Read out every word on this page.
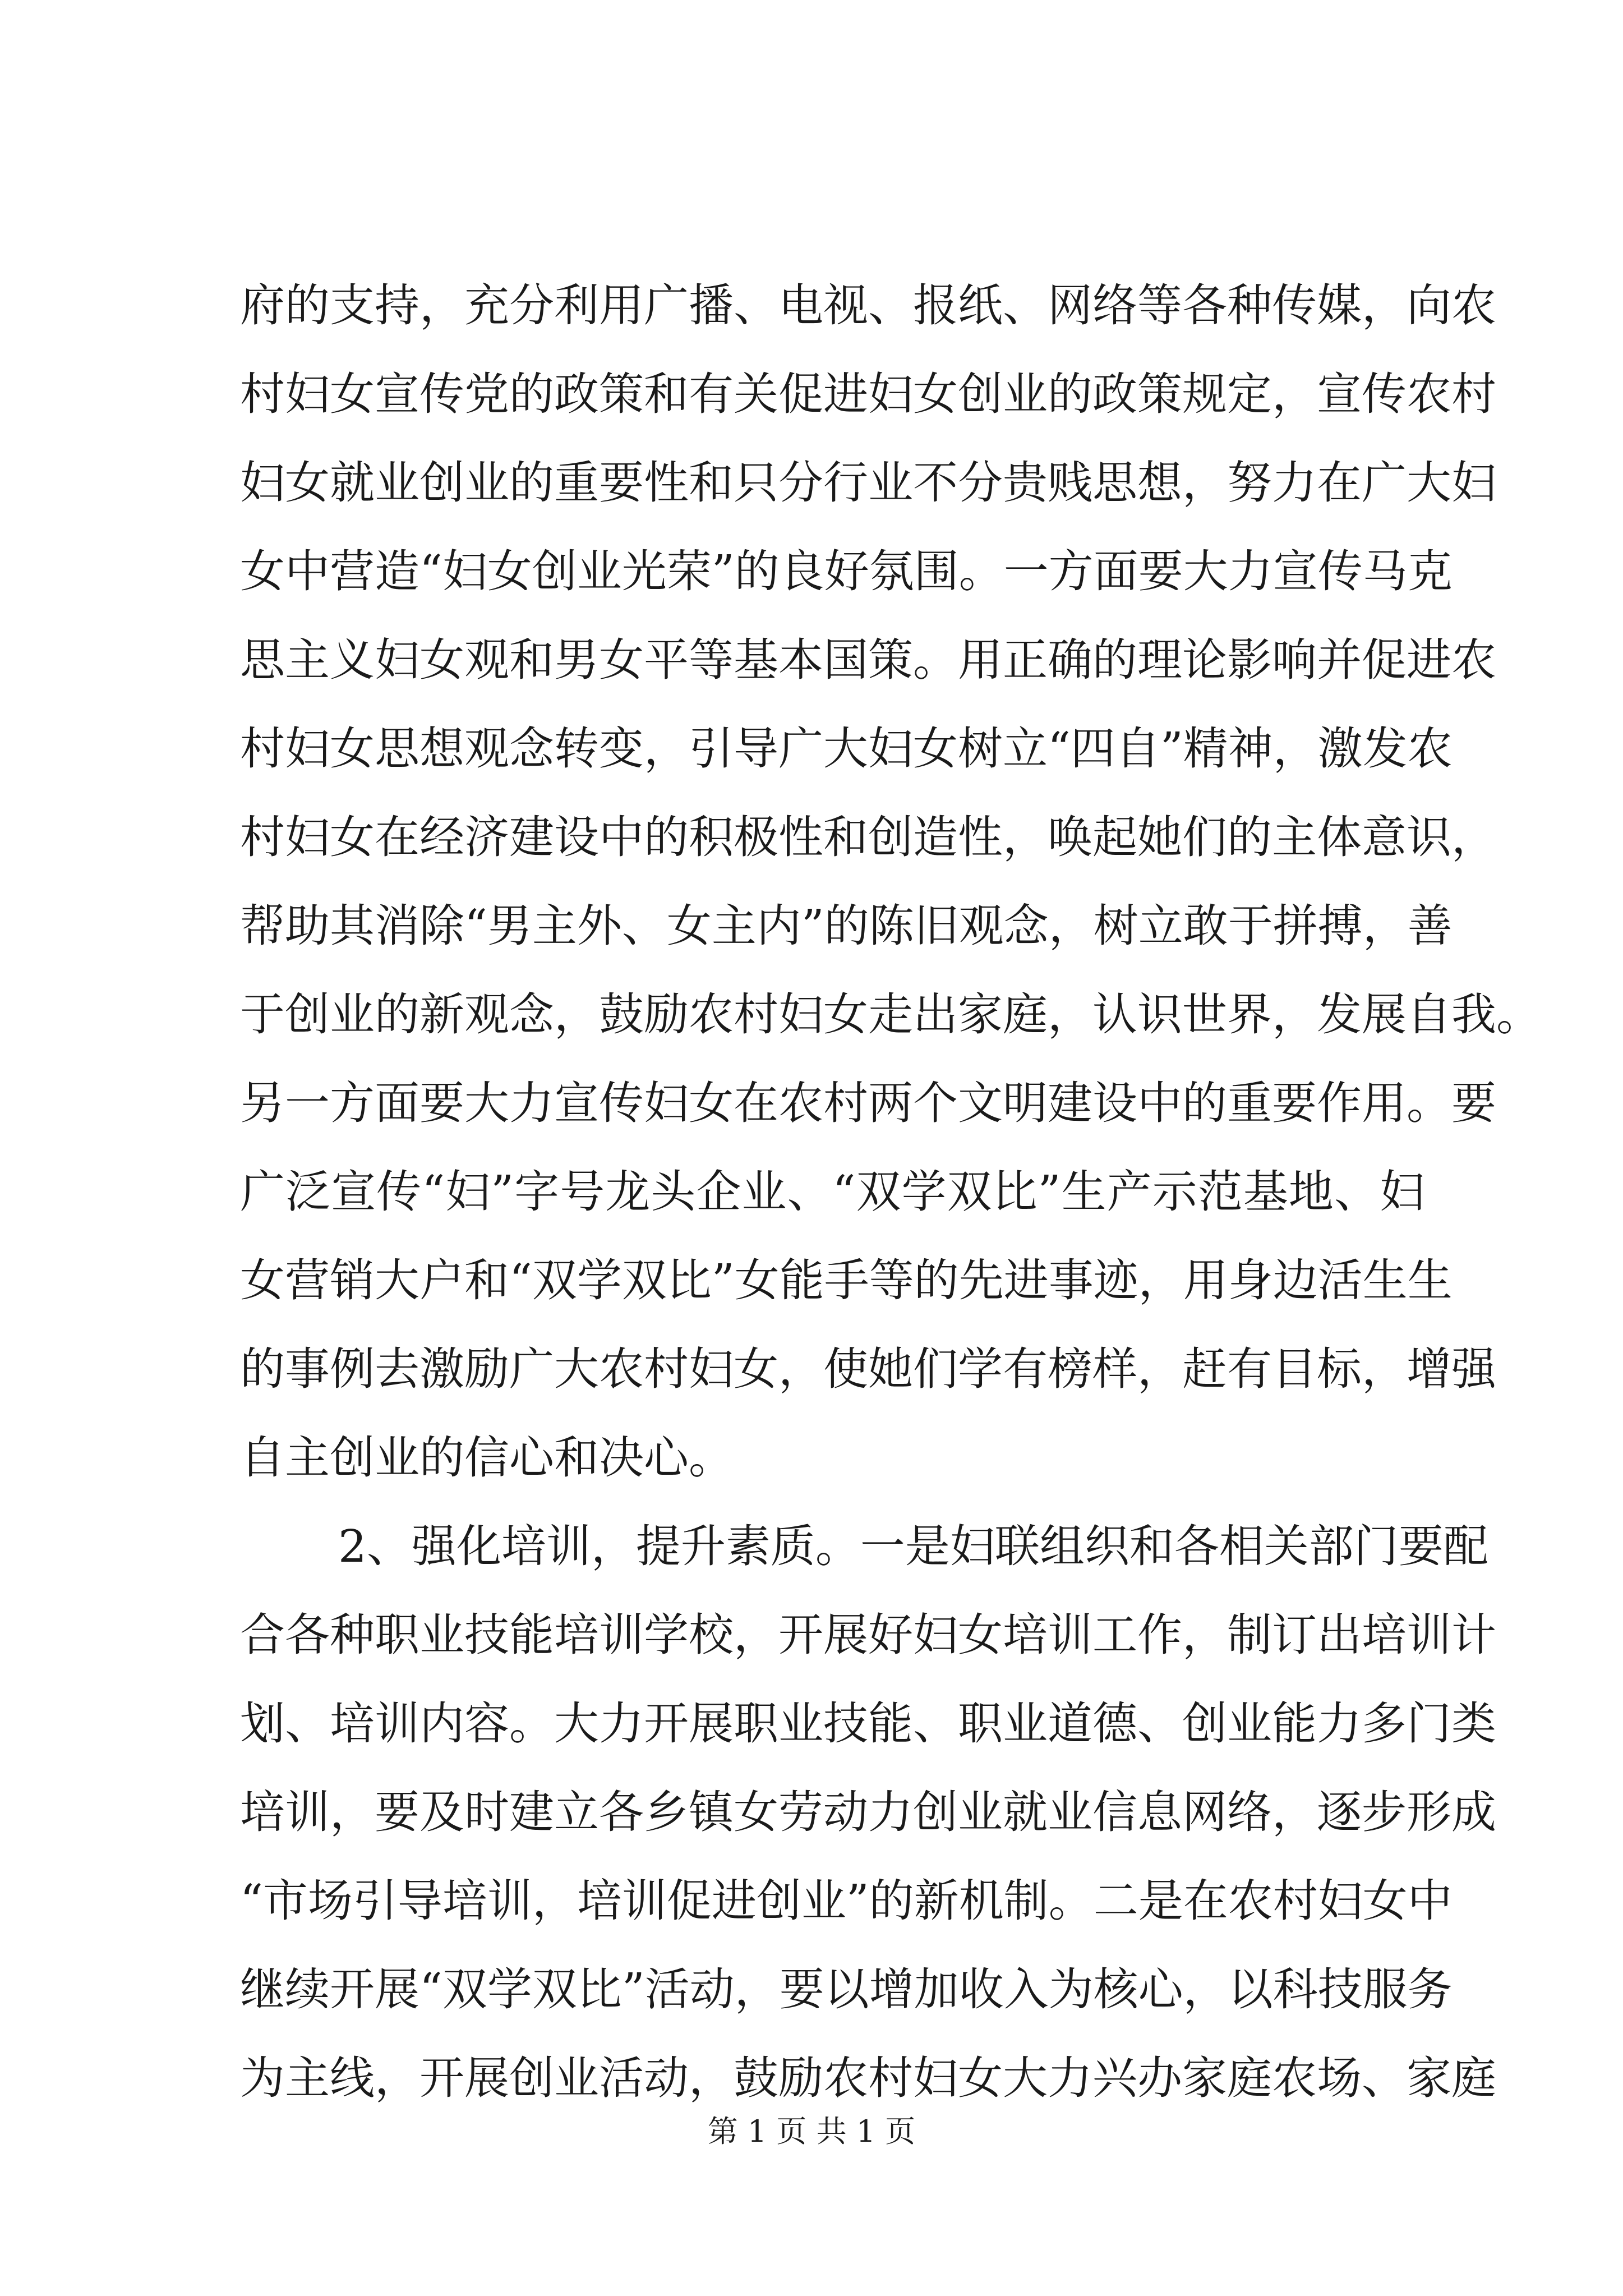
府的支持，充分利用广播、电视、报纸、网络等各种传媒，向农
村妇女宣传党的政策和有关促进妇女创业的政策规定，宣传农村
妇女就业创业的重要性和只分行业不分贵贱思想，努力在广大妇
女中营造“妇女创业光荣”的良好氛围。一方面要大力宣传马克
思主义妇女观和男女平等基本国策。用正确的理论影响并促进农
村妇女思想观念转变，引导广大妇女树立“四自”精神，激发农
村妇女在经济建设中的积极性和创造性，唤起她们的主体意识，
帮助其消除“男主外、女主内”的陈旧观念，树立敢于拼搏，善
于创业的新观念，鼓励农村妇女走出家庭，认识世界，发展自我。
另一方面要大力宣传妇女在农村两个文明建设中的重要作用。要
广泛宣传“妇”字号龙头企业、“双学双比”生产示范基地、妇
女营销大户和“双学双比”女能手等的先进事迹，用身边活生生
的事例去激励广大农村妇女，使她们学有榜样，赶有目标，增强
自主创业的信心和决心。
2、强化培训，提升素质。一是妇联组织和各相关部门要配
合各种职业技能培训学校，开展好妇女培训工作，制订出培训计
划、培训内容。大力开展职业技能、职业道德、创业能力多门类
培训，要及时建立各乡镇女劳动力创业就业信息网络，逐步形成
“市场引导培训，培训促进创业”的新机制。二是在农村妇女中
继续开展“双学双比”活动，要以增加收入为核心，以科技服务
为主线，开展创业活动，鼓励农村妇女大力兴办家庭农场、家庭
第 1 页 共 1 页
